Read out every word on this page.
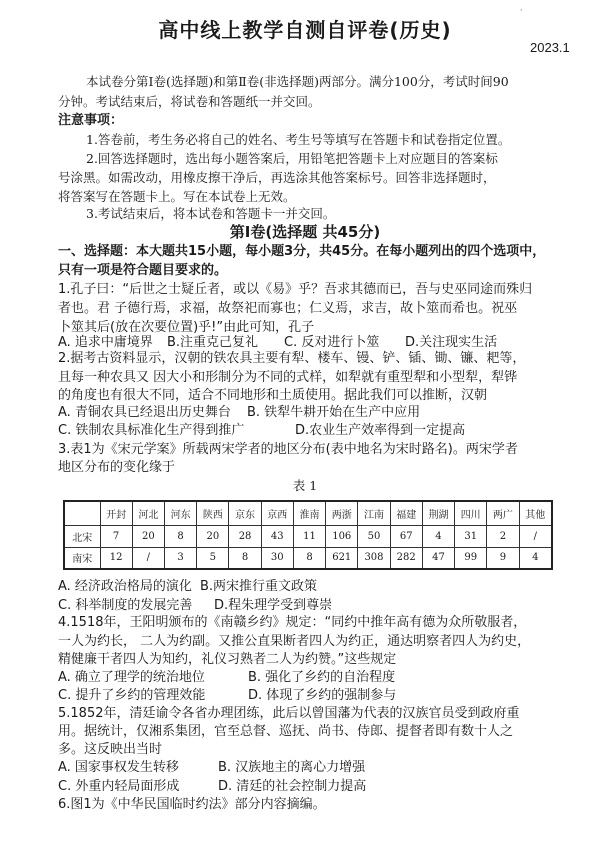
·
高中线上教学自测自评卷(历史)
2023.1
本试卷分第Ⅰ卷(选择题)和第Ⅱ卷(非选择题)两部分。满分100分，考试时间90
分钟。考试结束后，将试卷和答题纸一并交回。
注意事项：
1.答卷前，考生务必将自己的姓名、考生号等填写在答题卡和试卷指定位置。
2.回答选择题时，选出每小题答案后，用铅笔把答题卡上对应题目的答案标
号涂黑。如需改动，用橡皮擦干净后，再选涂其他答案标号。回答非选择题时，
将答案写在答题卡上。写在本试卷上无效。
3.考试结束后，将本试卷和答题卡一并交回。
第Ⅰ卷(选择题 共45分)
一、选择题：本大题共15小题，每小题3分，共45分。在每小题列出的四个选项中，
只有一项是符合题目要求的。
1.孔子曰：“后世之士疑丘者，或以《易》乎？吾求其德而已，吾与史巫同途而殊归
者也。君 子德行焉，求福，故祭祀而寡也；仁义焉，求吉，故卜筮而希也。祝巫
卜筮其后(放在次要位置)乎!”由此可知，孔子
A. 追求中庸境界 B.注重克己复礼 C. 反对进行卜筮 D.关注现实生活
2.据考古资料显示，汉朝的铁农具主要有犁、楼车、镘、铲、锸、锄、镰、耙等，
且每一种农具又 因大小和形制分为不同的式样，如犁就有重型犁和小型犁，犁铧
的角度也有很大不同，适合不同地形和土质使用。据此我们可以推断，汉朝
A. 青铜农具已经退出历史舞台 B. 铁犁牛耕开始在生产中应用
C. 铁制农具标准化生产得到推广	D.农业生产效率得到一定提高
3.表1为《宋元学案》所载两宋学者的地区分布(表中地名为宋时路名)。两宋学者
地区分布的变化缘于
表 1
	开封	河北	河东	陕西	京东	京西	淮南	两浙	江南	福建	荆湖	四川	两广	其他
北宋	7	20	8	20	28	43	11	106	50	67	4	31	2	/
南宋	12	/	3	5	8	30	8	621	308	282	47	99	9	4
A. 经济政治格局的演化 B.两宋推行重文政策
C. 科举制度的发展完善 D.程朱理学受到尊崇
4.1518年，王阳明颁布的《南赣乡约》规定：“同约中推年高有德为众所敬服者，
一人为约长， 二人为约副。又推公直果断者四人为约正，通达明察者四人为约史，
精健廉干者四人为知约，礼仪习熟者二人为约赞。”这些规定
A. 确立了理学的统治地位	B. 强化了乡约的自治程度
C. 提升了乡约的管理效能	D. 体现了乡约的强制参与
5.1852年，清廷谕令各省办理团练，此后以曾国藩为代表的汉族官员受到政府重
用。据统计，仅湘系集团，官至总督、巡抚、尚书、侍郎、提督者即有数十人之
多。这反映出当时
A. 国家事权发生转移	B. 汉族地主的离心力增强
C. 外重内轻局面形成	D. 清廷的社会控制力提高
6.图1为《中华民国临时约法》部分内容摘编。
